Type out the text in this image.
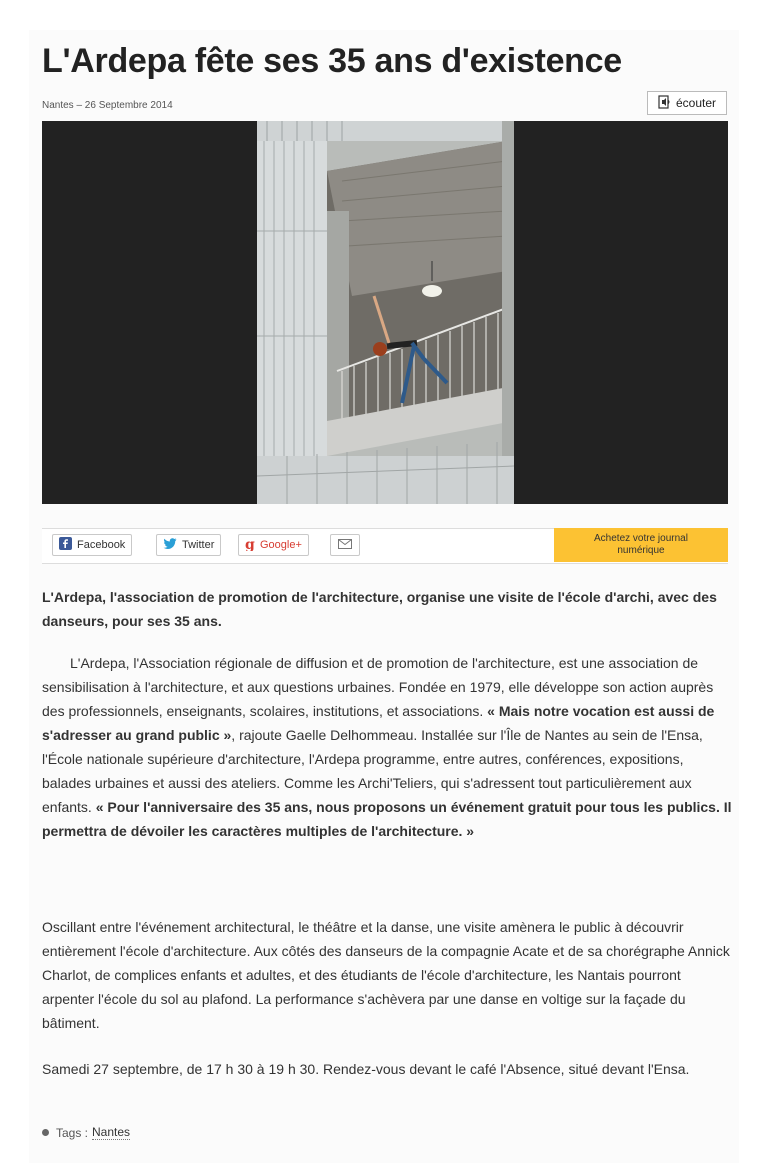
L'Ardepa fête ses 35 ans d'existence
Nantes – 26 Septembre 2014	écouter
Facebook	Twitter g Google+
Achetez votre journal numérique

L'Ardepa, l'association de promotion de l'architecture, organise une visite de l'école d'archi, avec des danseurs, pour ses 35 ans.

L'Ardepa, l'Association régionale de diffusion et de promotion de l'architecture, est une association de sensibilisation à l'architecture, et aux questions urbaines. Fondée en 1979, elle développe son action auprès des professionnels, enseignants, scolaires, institutions, et associations. « Mais notre vocation est aussi de s'adresser au grand public », rajoute Gaelle Delhommeau. Installée sur l'Île de Nantes au sein de l'Ensa, l'École nationale supérieure d'architecture, l'Ardepa programme, entre autres, conférences, expositions, balades urbaines et aussi des ateliers. Comme les Archi'Teliers, qui s'adressent tout particulièrement aux enfants. « Pour l'anniversaire des 35 ans, nous proposons un événement gratuit pour tous les publics. Il permettra de dévoiler les caractères multiples de l'architecture. »

Oscillant entre l'événement architectural, le théâtre et la danse, une visite amènera le public à découvrir entièrement l'école d'architecture. Aux côtés des danseurs de la compagnie Acate et de sa chorégraphe Annick Charlot, de complices enfants et adultes, et des étudiants de l'école d'architecture, les Nantais pourront arpenter l'école du sol au plafond. La performance s'achèvera par une danse en voltige sur la façade du bâtiment.

Samedi 27 septembre, de 17 h 30 à 19 h 30. Rendez-vous devant le café l'Absence, situé devant l'Ensa.

Tags : Nantes
